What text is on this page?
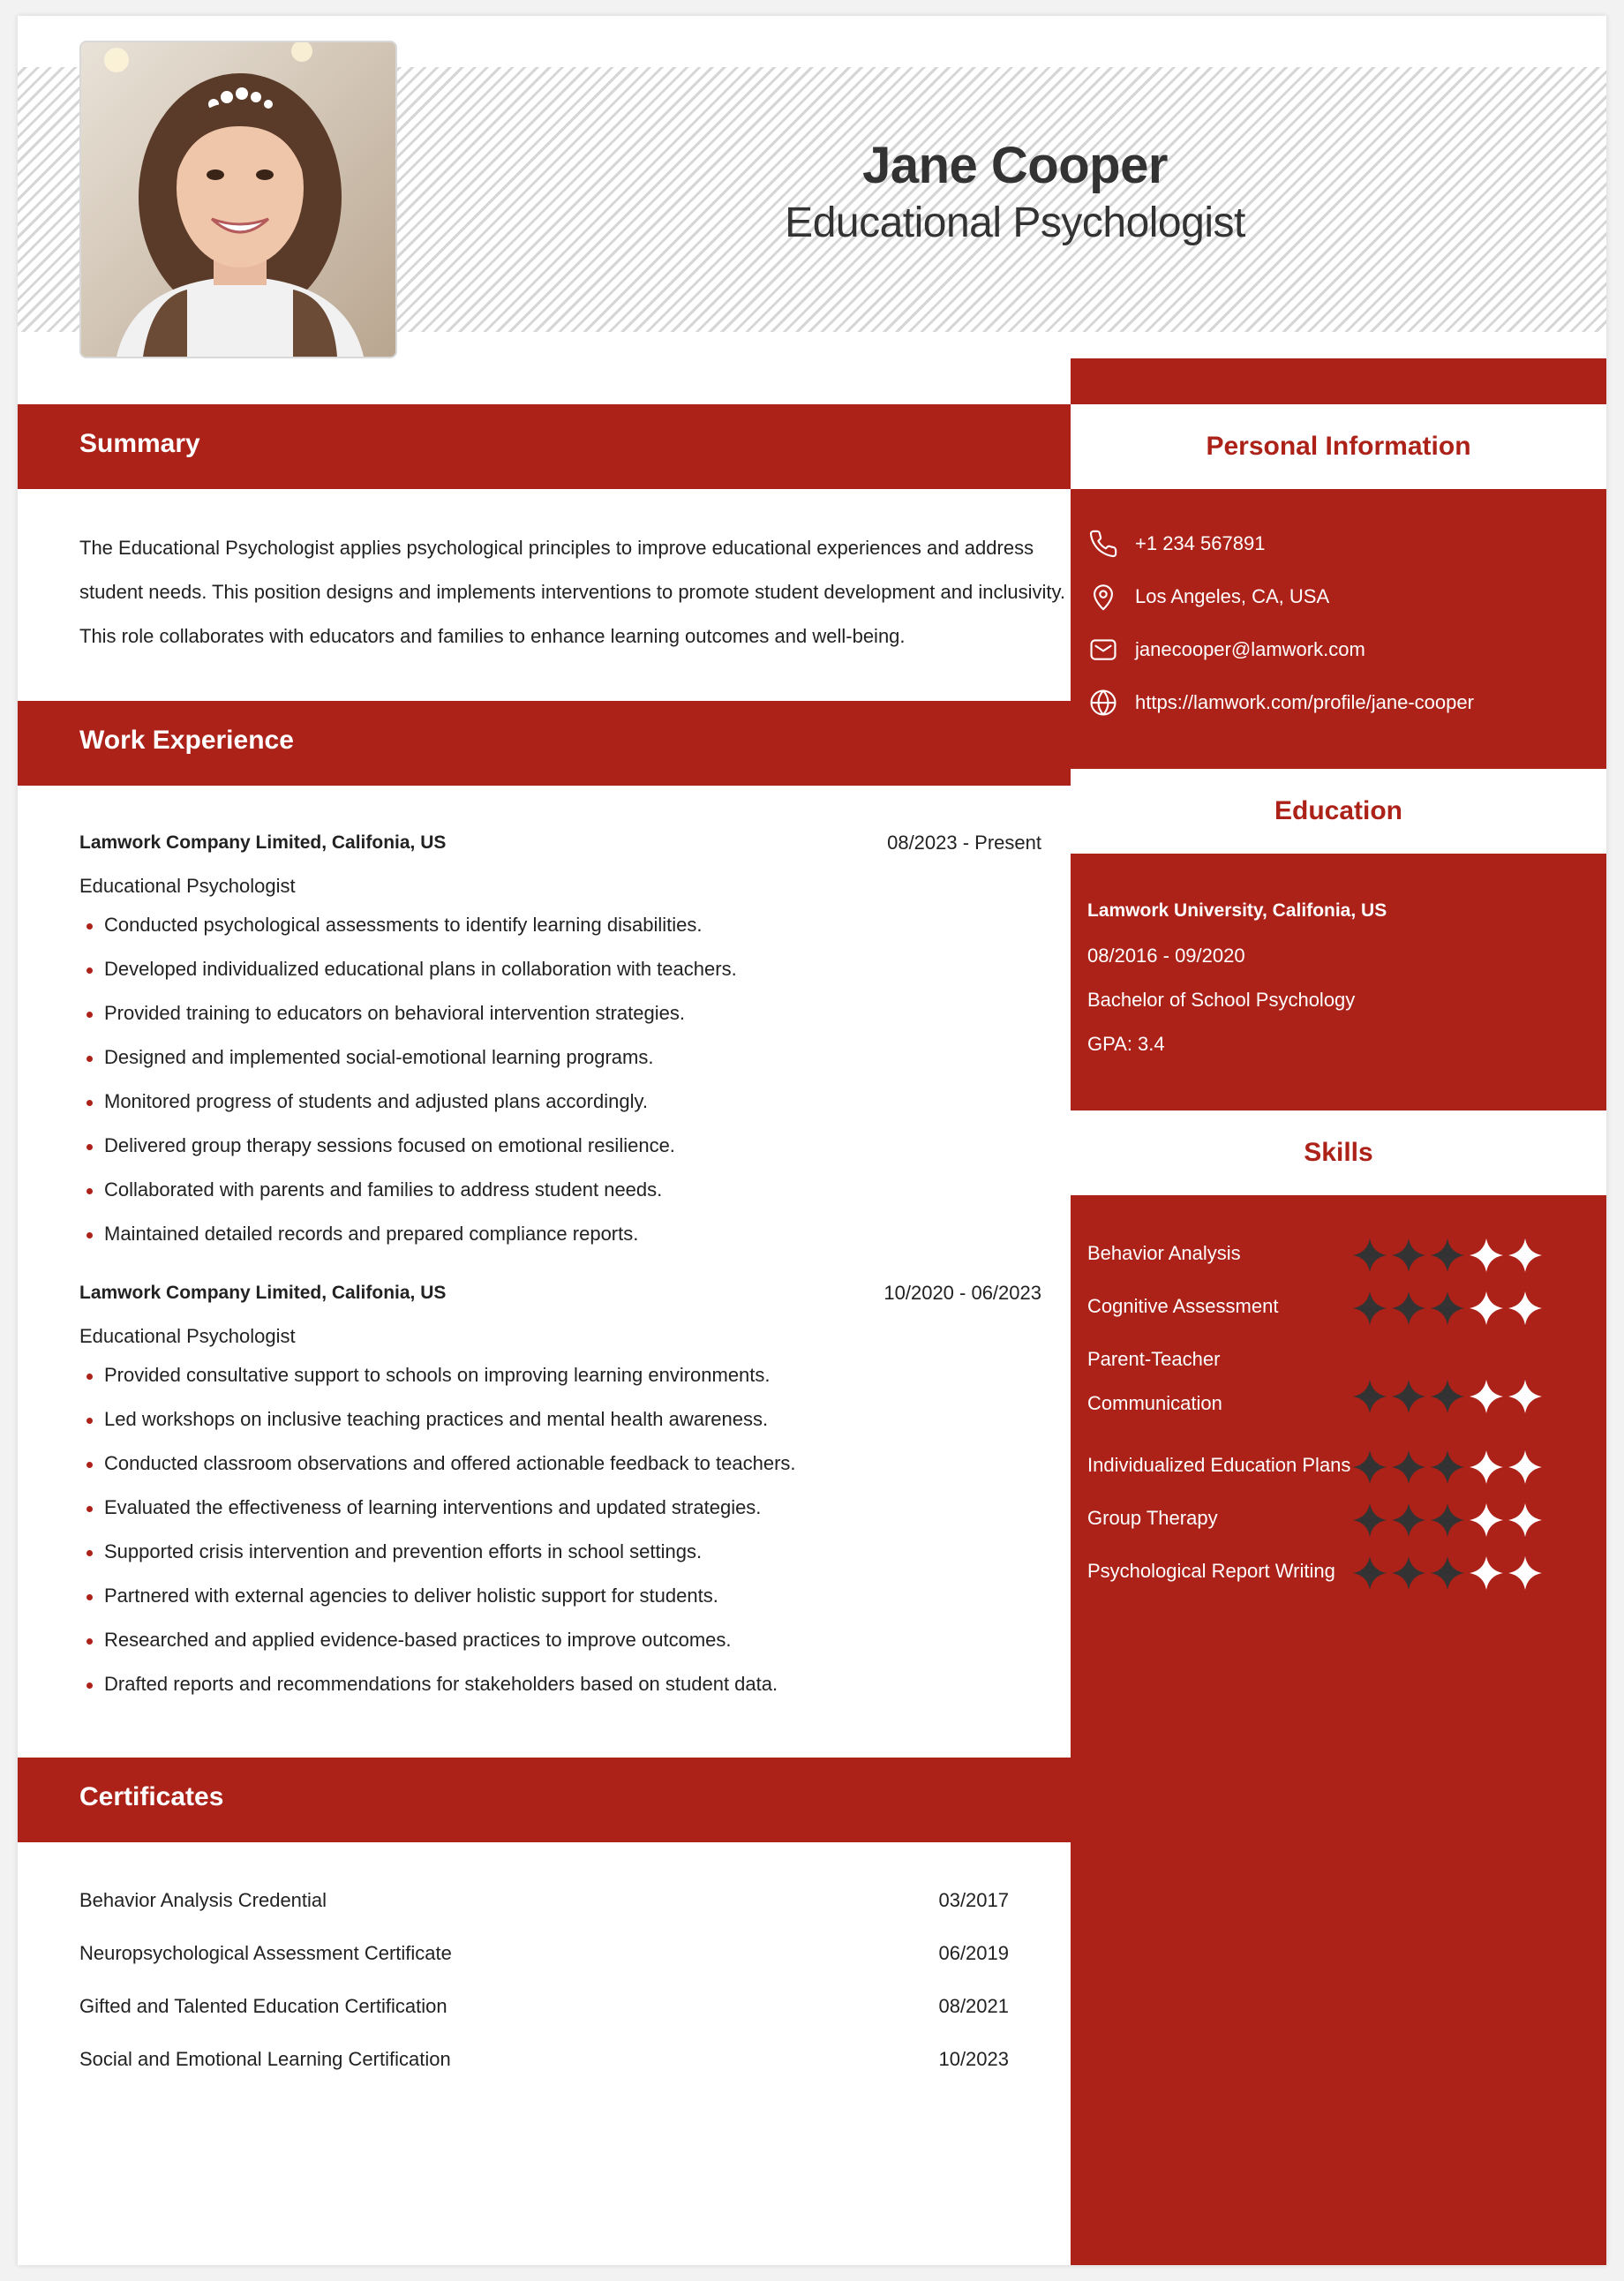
Jane Cooper
Educational Psychologist
Personal Information
+1 234 567891
Los Angeles, CA, USA
janecooper@lamwork.com
https://lamwork.com/profile/jane-cooper
Education
Lamwork University, Califonia, US
08/2016 - 09/2020
Bachelor of School Psychology
GPA: 3.4
Skills
Behavior Analysis
Cognitive Assessment
Parent-Teacher Communication
Individualized Education Plans
Group Therapy
Psychological Report Writing
Summary
The Educational Psychologist applies psychological principles to improve educational experiences and address student needs. This position designs and implements interventions to promote student development and inclusivity. This role collaborates with educators and families to enhance learning outcomes and well-being.
Work Experience
Lamwork Company Limited, Califonia, US	08/2023 - Present
Educational Psychologist
Conducted psychological assessments to identify learning disabilities.
Developed individualized educational plans in collaboration with teachers.
Provided training to educators on behavioral intervention strategies.
Designed and implemented social-emotional learning programs.
Monitored progress of students and adjusted plans accordingly.
Delivered group therapy sessions focused on emotional resilience.
Collaborated with parents and families to address student needs.
Maintained detailed records and prepared compliance reports.
Lamwork Company Limited, Califonia, US	10/2020 - 06/2023
Educational Psychologist
Provided consultative support to schools on improving learning environments.
Led workshops on inclusive teaching practices and mental health awareness.
Conducted classroom observations and offered actionable feedback to teachers.
Evaluated the effectiveness of learning interventions and updated strategies.
Supported crisis intervention and prevention efforts in school settings.
Partnered with external agencies to deliver holistic support for students.
Researched and applied evidence-based practices to improve outcomes.
Drafted reports and recommendations for stakeholders based on student data.
Certificates
Behavior Analysis Credential	03/2017
Neuropsychological Assessment Certificate	06/2019
Gifted and Talented Education Certification	08/2021
Social and Emotional Learning Certification	10/2023
